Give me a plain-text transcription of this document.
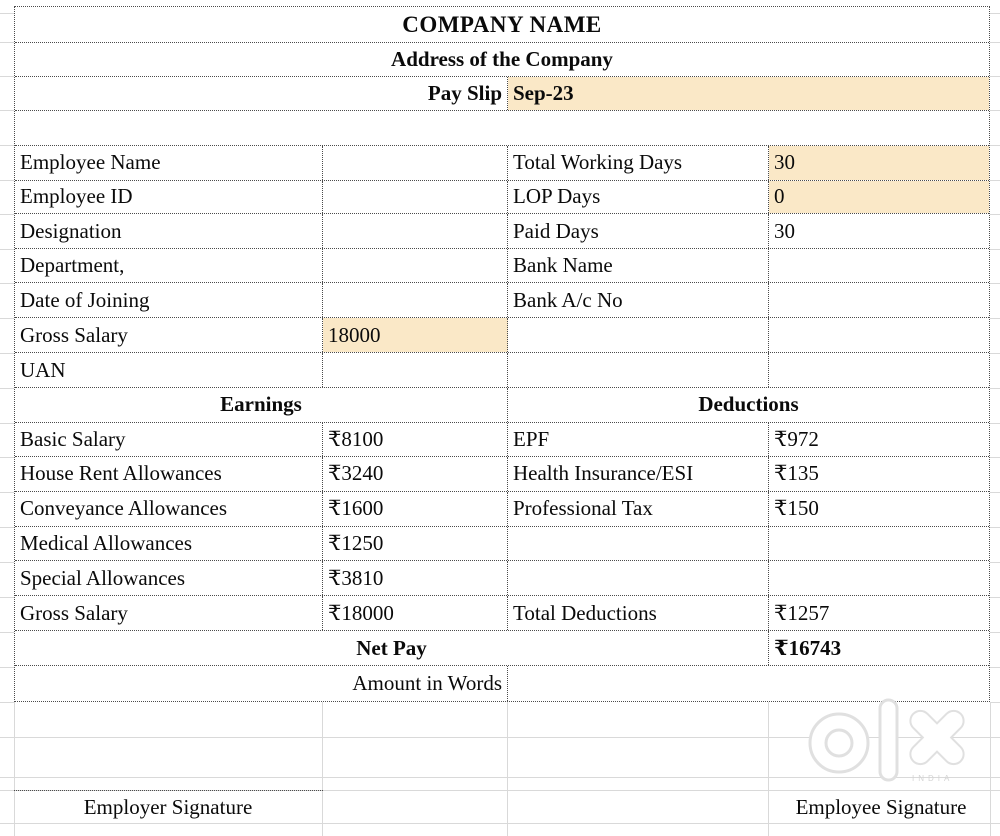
COMPANY NAME
Address of the Company
Pay Slip Sep-23
Employee Name	Total Working Days	30
Employee ID	LOP Days	0
Designation	Paid Days	30
Department,	Bank Name
Date of Joining	Bank A/c No
Gross Salary	18000
UAN
Earnings	Deductions
Basic Salary	₹8100	EPF	₹972
House Rent Allowances	₹3240	Health Insurance/ESI	₹135
Conveyance Allowances	₹1600	Professional Tax	₹150
Medical Allowances	₹1250
Special Allowances	₹3810
Gross Salary	₹18000	Total Deductions	₹1257
Net Pay	₹16743
Amount in Words
INDIA
Employer Signature	Employee Signature
